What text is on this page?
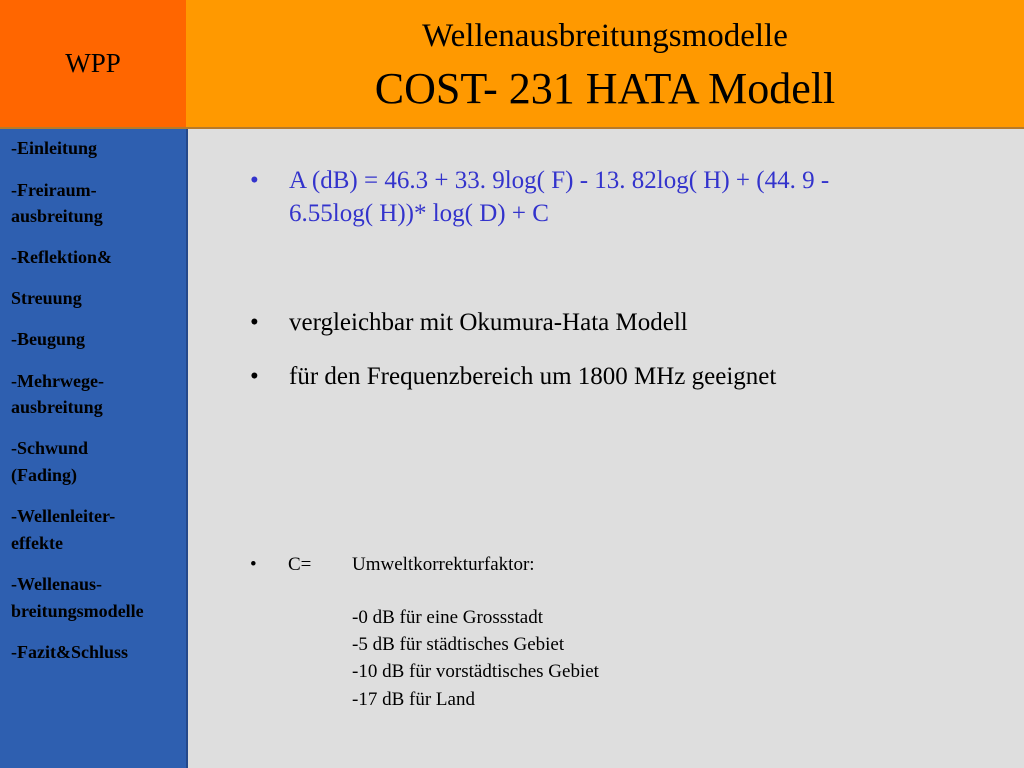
WPP
Wellenausbreitungsmodelle
COST- 231 HATA Modell
-Einleitung
-Freiraum-
ausbreitung
-Reflektion&
Streuung
-Beugung
-Mehrwege-
ausbreitung
-Schwund
(Fading)
-Wellenleiter-
effekte
-Wellenaus-
breitungsmodelle
-Fazit&Schluss
• A (dB) = 46.3 + 33. 9log( F) - 13. 82log( H) + (44. 9 -
6.55log( H))* log( D) + C
• vergleichbar mit Okumura-Hata Modell
• für den Frequenzbereich um 1800 MHz geeignet
• C= Umweltkorrekturfaktor:
-0 dB für eine Grossstadt
-5 dB für städtisches Gebiet
-10 dB für vorstädtisches Gebiet
-17 dB für Land
